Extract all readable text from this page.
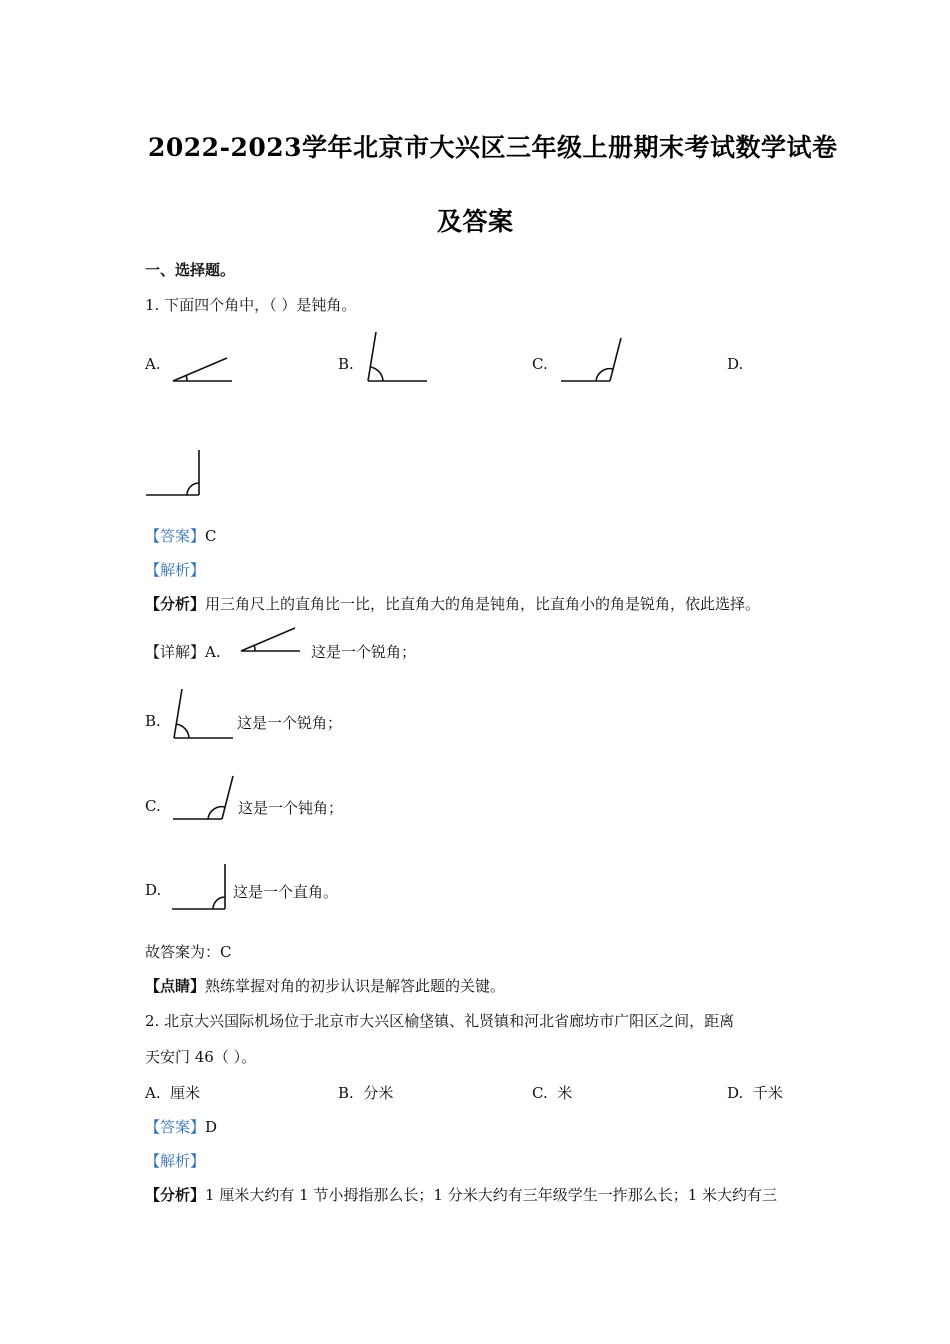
2022-2023学年北京市大兴区三年级上册期末考试数学试卷
及答案
一、选择题。
1. 下面四个角中，（ ）是钝角。
A.	B.	C.	D.
【答案】C
【解析】
【分析】用三角尺上的直角比一比，比直角大的角是钝角，比直角小的角是锐角，依此选择。
【详解】A.	这是一个锐角；
B.	这是一个锐角；
C.	这是一个钝角；
D.	这是一个直角。
故答案为：C
【点睛】熟练掌握对角的初步认识是解答此题的关键。
2. 北京大兴国际机场位于北京市大兴区榆垡镇、礼贤镇和河北省廊坊市广阳区之间，距离
天安门 46（ ）。
A. 厘米	B. 分米	C. 米	D. 千米
【答案】D
【解析】
【分析】1 厘米大约有 1 节小拇指那么长；1 分米大约有三年级学生一拃那么长；1 米大约有三
